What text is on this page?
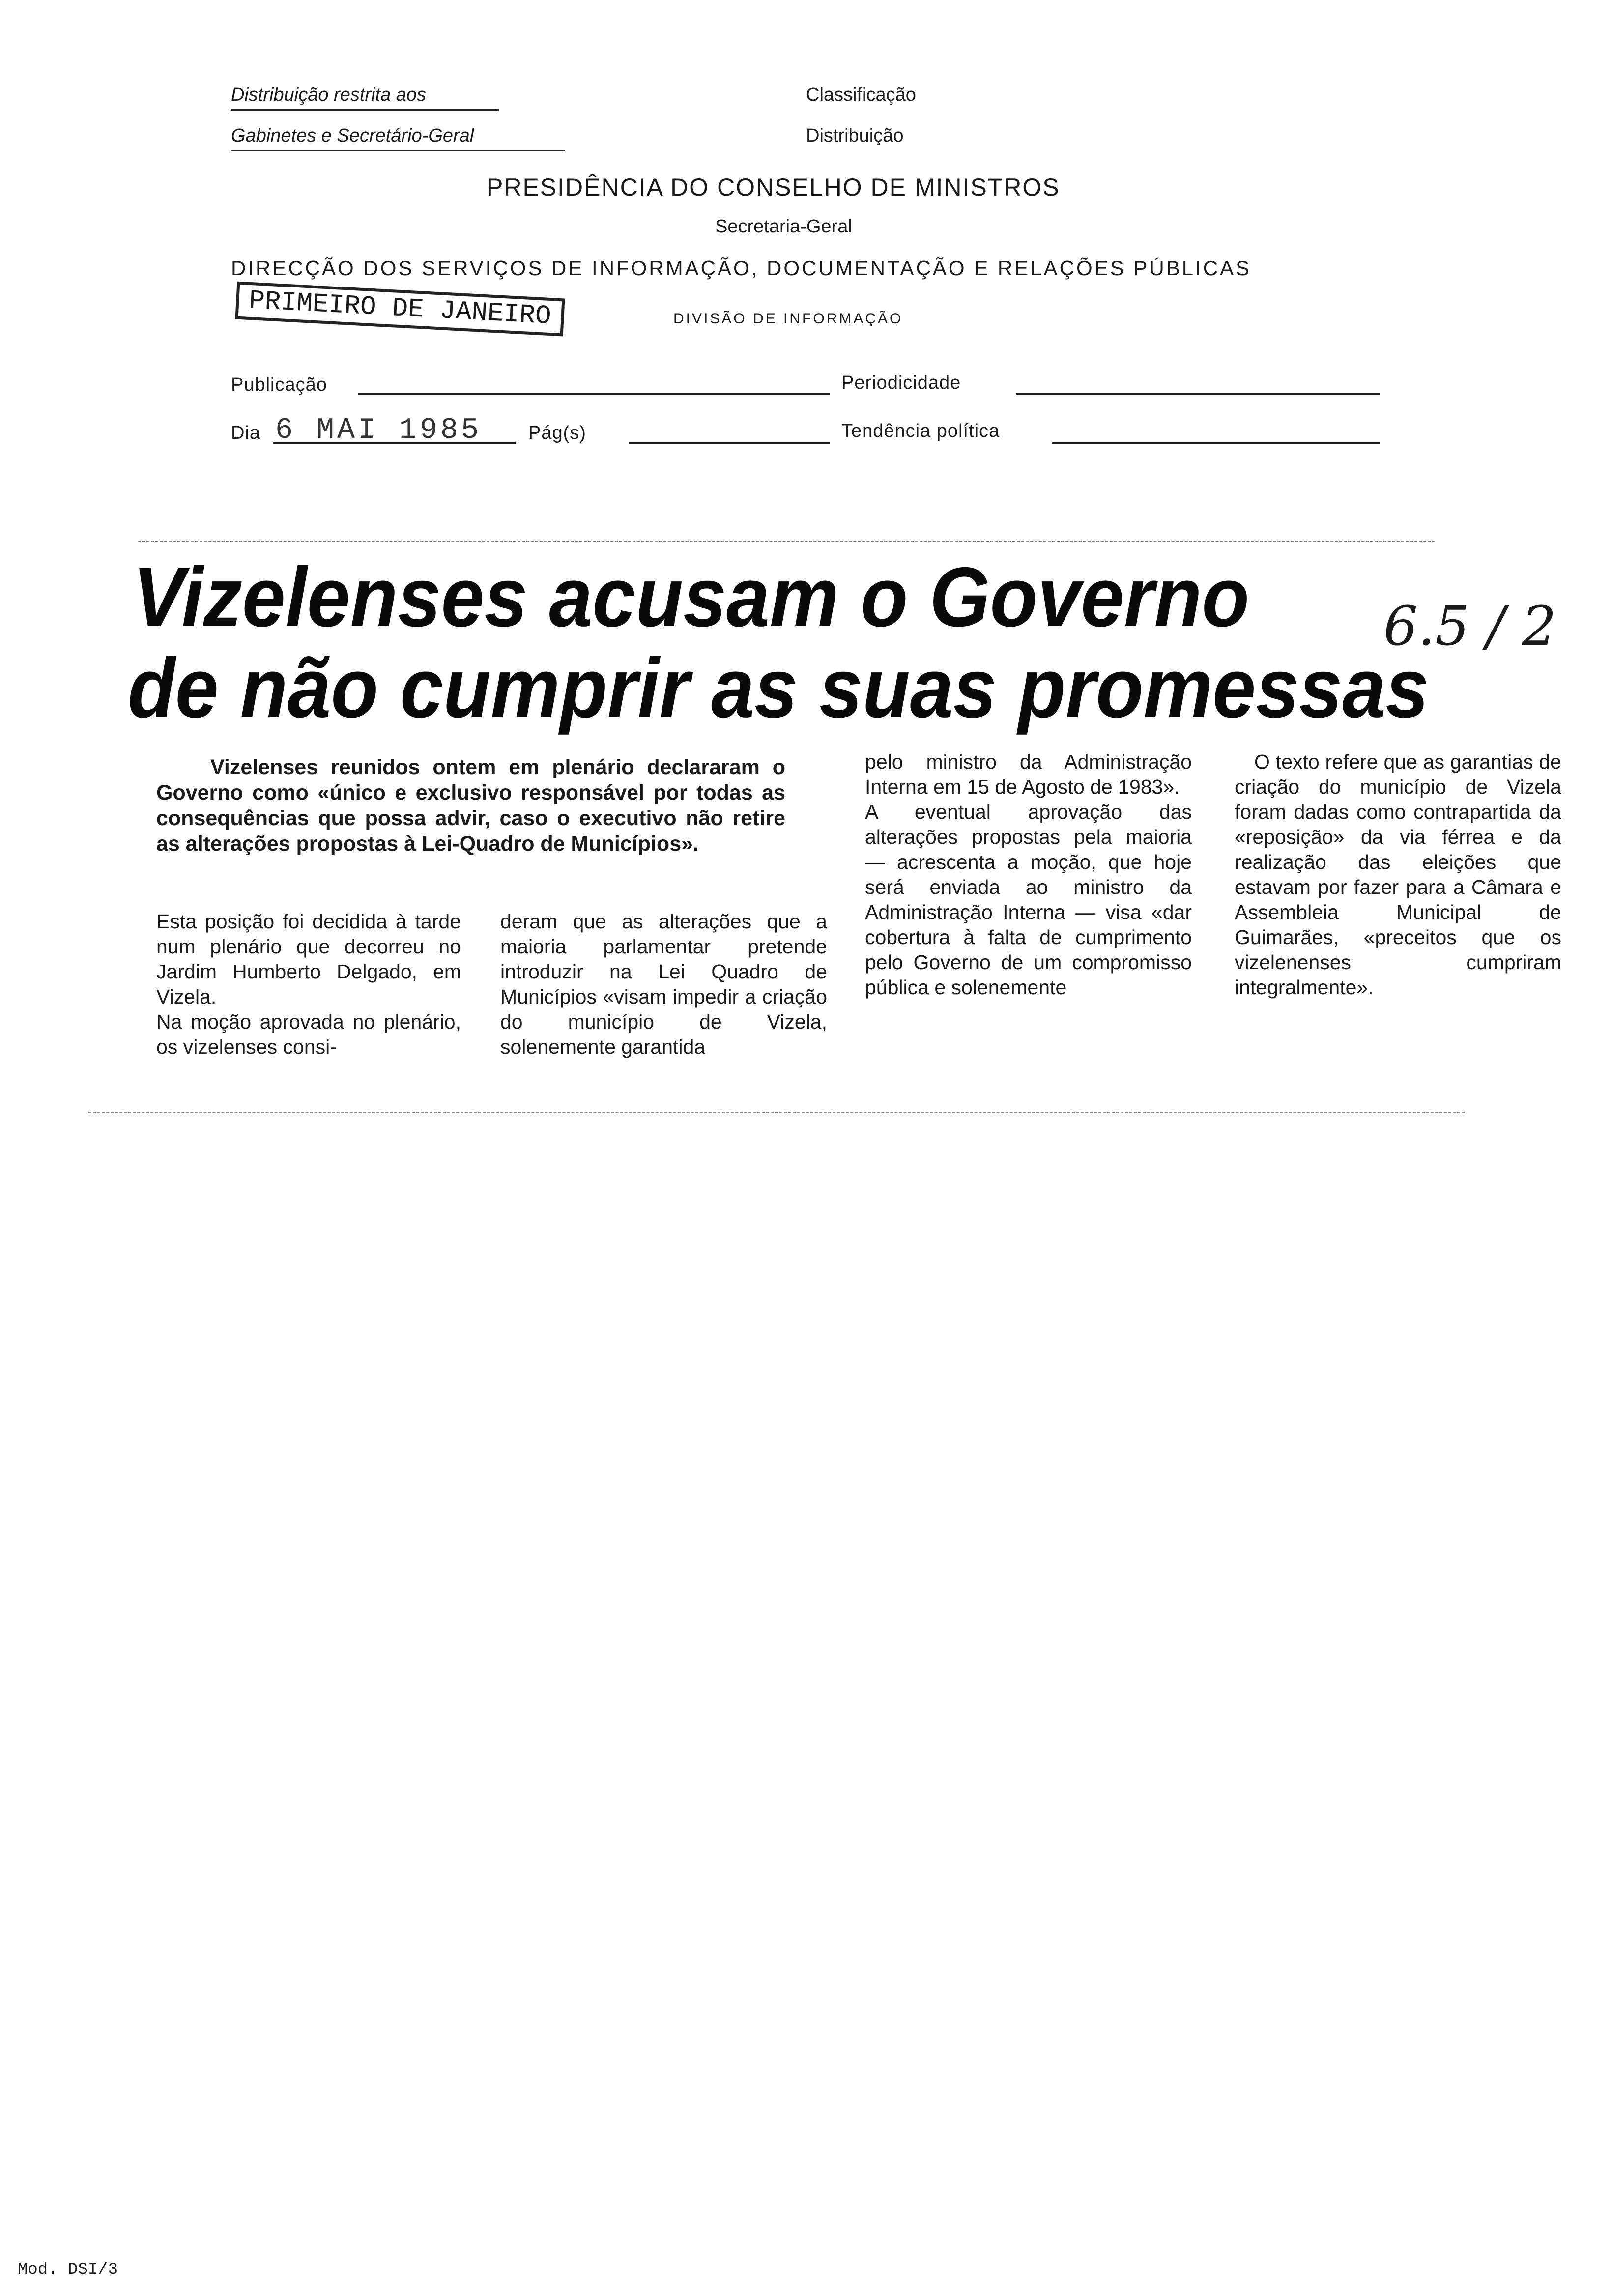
Distribuição restrita aos
Gabinetes e Secretário-Geral
Classificação
Distribuição
PRESIDÊNCIA DO CONSELHO DE MINISTROS
Secretaria-Geral
DIRECÇÃO DOS SERVIÇOS DE INFORMAÇÃO, DOCUMENTAÇÃO E RELAÇÕES PÚBLICAS
DIVISÃO DE INFORMAÇÃO
PRIMEIRO DE JANEIRO
Publicação	Periodicidade
Dia 6 MAI 1985 Pág(s)	Tendência política
Vizelenses acusam o Governo
de não cumprir as suas promessas
6.5 / 2
Vizelenses reunidos ontem em plenário declararam o Governo como «único e exclusivo responsável por todas as consequências que possa advir, caso o executivo não retire as alterações propostas à Lei-Quadro de Municípios».
Esta posição foi decidida à tarde num plenário que decorreu no Jardim Humberto Delgado, em Vizela.
Na moção aprovada no plenário, os vizelenses consi-
deram que as alterações que a maioria parlamentar pretende introduzir na Lei Quadro de Municípios «visam impedir a criação do município de Vizela, solenemente garantida
pelo ministro da Administração Interna em 15 de Agosto de 1983».
A eventual aprovação das alterações propostas pela maioria — acrescenta a moção, que hoje será enviada ao ministro da Administração Interna — visa «dar cobertura à falta de cumprimento pelo Governo de um compromisso pública e solenemente
O texto refere que as garantias de criação do município de Vizela foram dadas como contrapartida da «reposição» da via férrea e da realização das eleições que estavam por fazer para a Câmara e Assembleia Municipal de Guimarães, «preceitos que os vizelenenses cumpriram integralmente».
Mod. DSI/3
